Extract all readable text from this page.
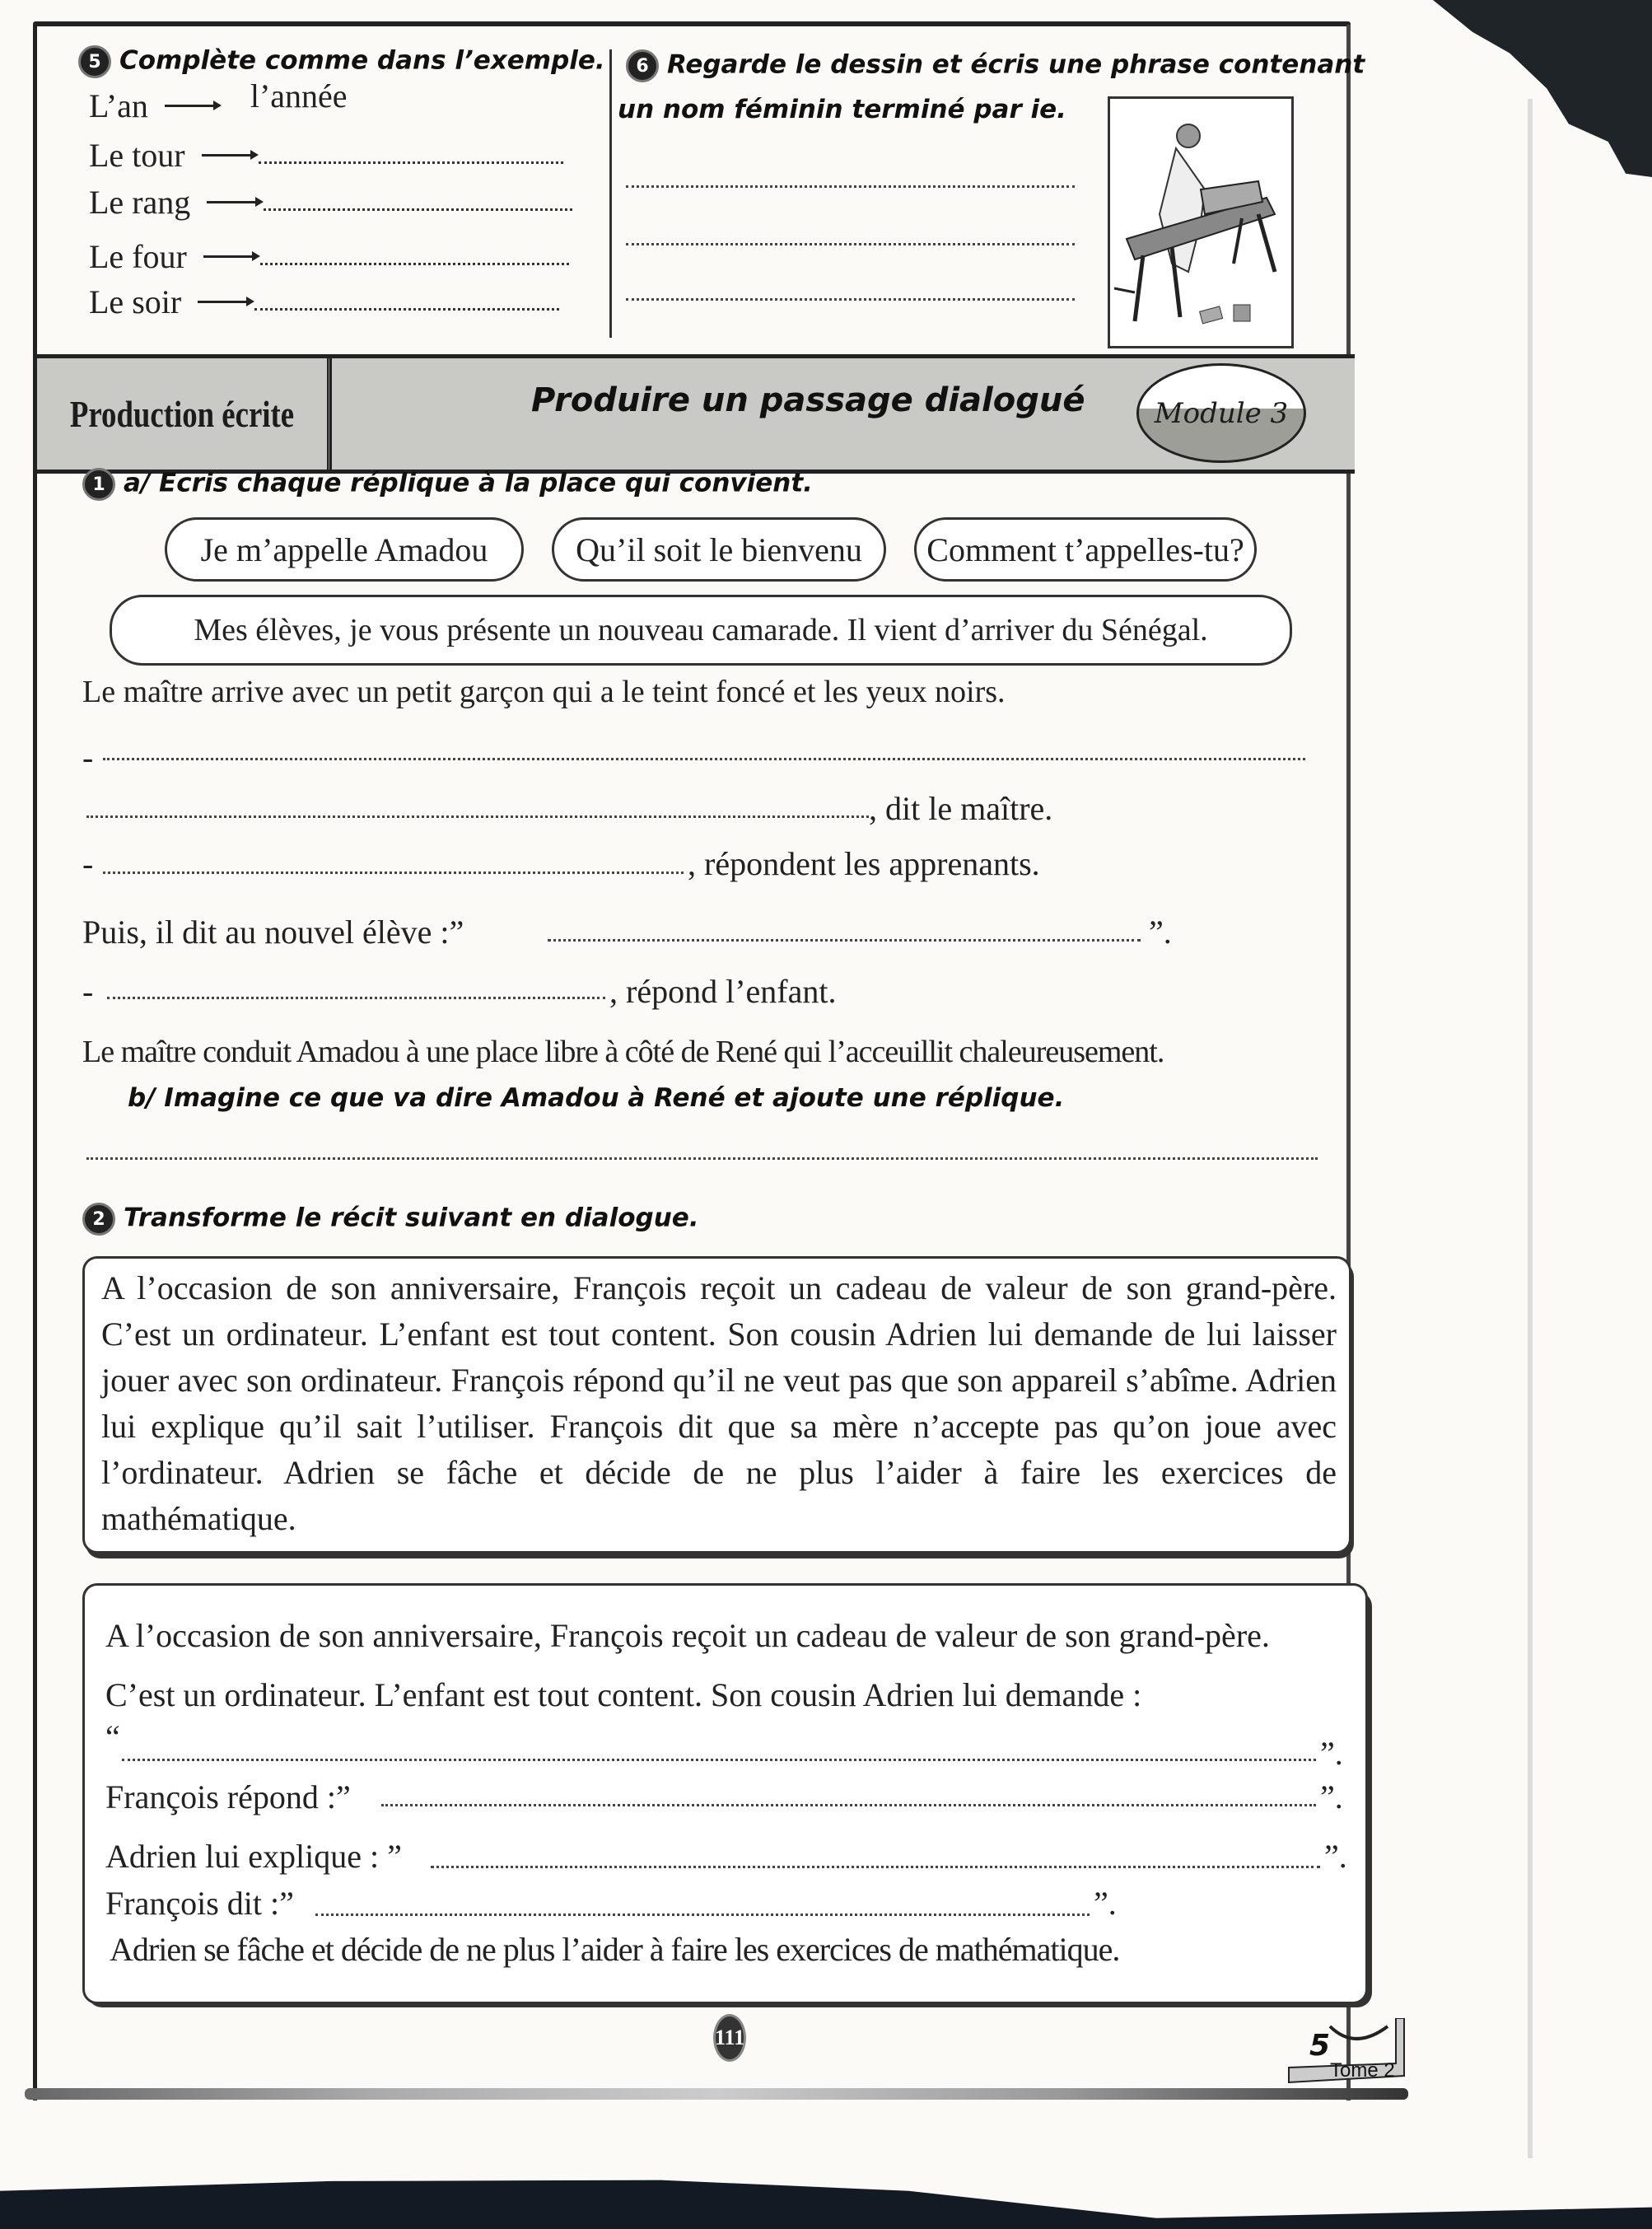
5 Complète comme dans l’exemple.
L’an	l’année
Le tour
Le rang
Le four
Le soir
6 Regarde le dessin et écris une phrase contenant
un nom féminin terminé par ie.
Production écrite	Produire un passage dialogué	Module 3
1 a/ Ecris chaque réplique à la place qui convient.
Je m’appelle Amadou	Qu’il soit le bienvenu	Comment t’appelles-tu?
Mes élèves, je vous présente un nouveau camarade. Il vient d’arriver du Sénégal.
Le maître arrive avec un petit garçon qui a le teint foncé et les yeux noirs.
-
, dit le maître.
-	, répondent les apprenants.
Puis, il dit au nouvel élève :”	”.
-	, répond l’enfant.
Le maître conduit Amadou à une place libre à côté de René qui l’acceuillit chaleureusement.
b/ Imagine ce que va dire Amadou à René et ajoute une réplique.
2 Transforme le récit suivant en dialogue.
A l’occasion de son anniversaire, François reçoit un cadeau de valeur de son grand-père. C’est un ordinateur. L’enfant est tout content. Son cousin Adrien lui demande de lui laisser jouer avec son ordinateur. François répond qu’il ne veut pas que son appareil s’abîme. Adrien lui explique qu’il sait l’utiliser. François dit que sa mère n’accepte pas qu’on joue avec l’ordinateur. Adrien se fâche et décide de ne plus l’aider à faire les exercices de mathématique.
A l’occasion de son anniversaire, François reçoit un cadeau de valeur de son grand-père. C’est un ordinateur. L’enfant est tout content. Son cousin Adrien lui demande :
“	”.
François répond :”	”.
Adrien lui explique : ”	”.
François dit :”	”.
Adrien se fâche et décide de ne plus l’aider à faire les exercices de mathématique.
111	5
Tome 2
